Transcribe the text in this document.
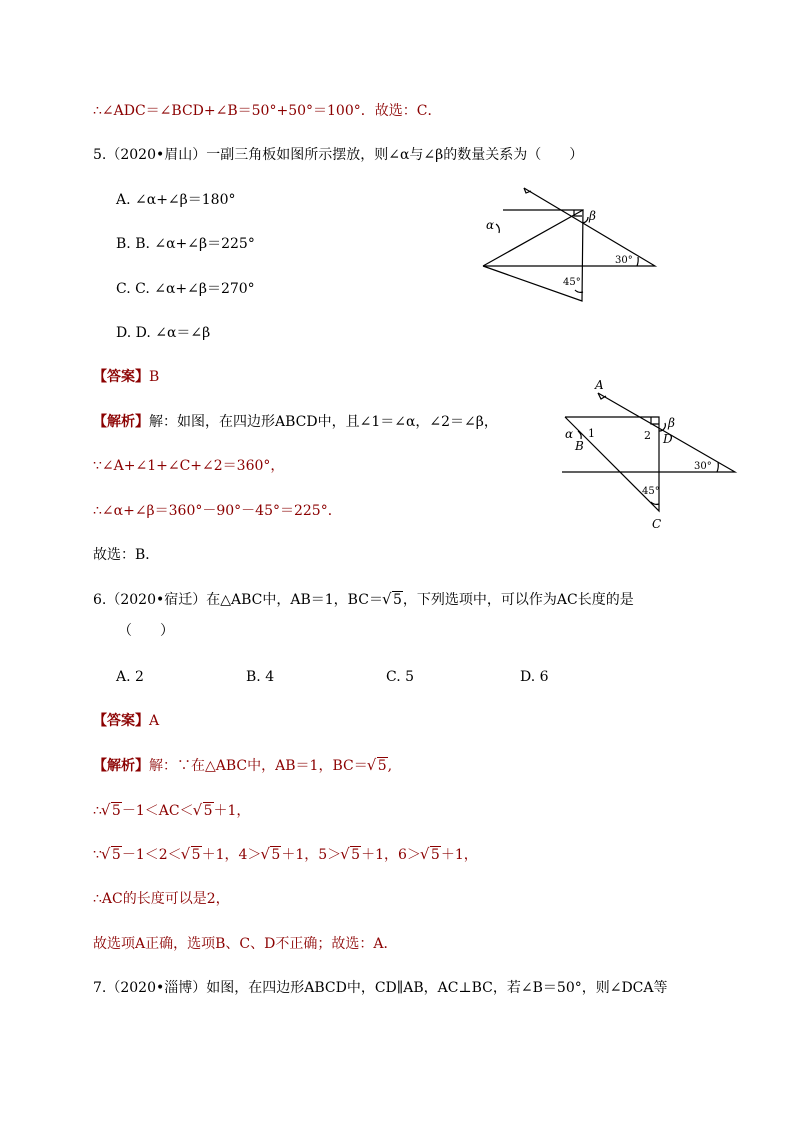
∴∠ADC＝∠BCD+∠B＝50°+50°＝100°．故选：C．
5.（2020•眉山）一副三角板如图所示摆放，则∠α与∠β的数量关系为（　　）
A. ∠α+∠β＝180°
B. B. ∠α+∠β＝225°
C. C. ∠α+∠β＝270°
D. D. ∠α＝∠β
α
β
30°
45°
【答案】B
【解析】解：如图，在四边形ABCD中，且∠1＝∠α，∠2＝∠β，
∵∠A+∠1+∠C+∠2＝360°，
∴∠α+∠β＝360°－90°－45°＝225°．
故选：B．
A
B
C
D
1	2
α
β
30°
45°
6.（2020•宿迁）在△ABC中，AB＝1，BC＝ √ 5，下列选项中，可以作为AC长度的是
（　　）
A. 2	B. 4	C. 5	D. 6
【答案】A
【解析】解：∵在△ABC中，AB＝1，BC＝ √ 5,
∴ √ 5－1＜AC＜ √ 5＋1，
∵ √ 5－1＜2＜ √ 5＋1，4＞ √ 5＋1，5＞ √ 5＋1，6＞ √ 5＋1，
∴AC的长度可以是2，
故选项A正确，选项B、C、D不正确；故选：A．
7.（2020•淄博）如图，在四边形ABCD中，CD∥AB，AC⊥BC，若∠B＝50°，则∠DCA等
